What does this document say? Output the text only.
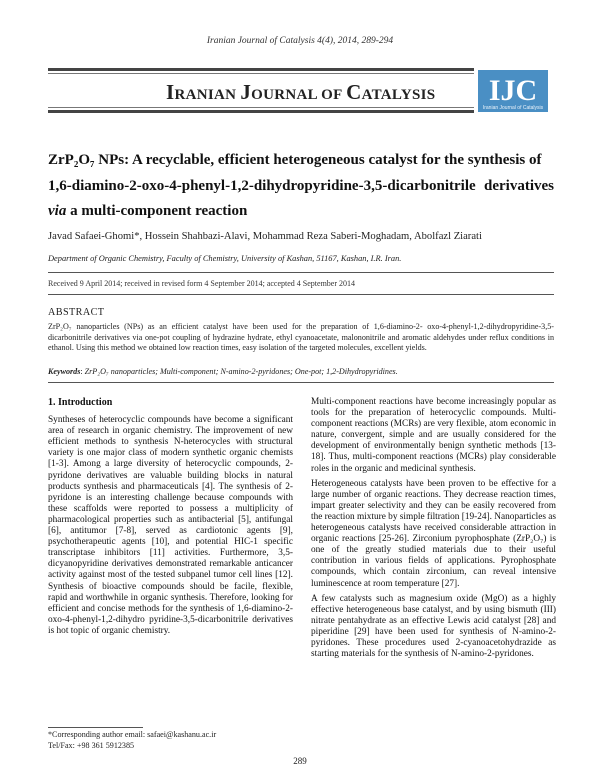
Iranian Journal of Catalysis 4(4), 2014, 289-294
IRANIAN JOURNAL OF CATALYSIS IJC
Iranian Journal of Catalysis
ZrP₂O₇ NPs: A recyclable, efficient heterogeneous catalyst for the synthesis of
1,6-diamino-2-oxo-4-phenyl-1,2-dihydropyridine-3,5-dicarbonitrile derivatives
via a multi-component reaction
Javad Safaei-Ghomi*, Hossein Shahbazi-Alavi, Mohammad Reza Saberi-Moghadam, Abolfazl Ziarati
Department of Organic Chemistry, Faculty of Chemistry, University of Kashan, 51167, Kashan, I.R. Iran.
Received 9 April 2014; received in revised form 4 September 2014; accepted 4 September 2014
ABSTRACT
ZrP₂O₇ nanoparticles (NPs) as an efficient catalyst have been used for the preparation of 1,6-diamino-2- oxo-4-phenyl-1,2-dihydropyridine-3,5-dicarbonitrile derivatives via one-pot coupling of hydrazine hydrate, ethyl cyanoacetate, malononitrile and aromatic aldehydes under reflux conditions in ethanol. Using this method we obtained low reaction times, easy isolation of the targeted molecules, excellent yields.
Keywords: ZrP₂O₇ nanoparticles; Multi-component; N-amino-2-pyridones; One-pot; 1,2-Dihydropyridines.
1. Introduction

Syntheses of heterocyclic compounds have become a significant area of research in organic chemistry. The improvement of new efficient methods to synthesis N-heterocycles with structural variety is one major class of modern synthetic organic chemists [1-3]. Among a large diversity of heterocyclic compounds, 2-pyridone derivatives are valuable building blocks in natural products synthesis and pharmaceuticals [4]. The synthesis of 2-pyridone is an interesting challenge because compounds with these scaffolds were reported to possess a multiplicity of pharmacological properties such as antibacterial [5], antifungal [6], antitumor [7-8], served as cardiotonic agents [9], psychotherapeutic agents [10], and potential HIC-1 specific transcriptase inhibitors [11] activities. Furthermore, 3,5-dicyanopyridine derivatives demonstrated remarkable anticancer activity against most of the tested subpanel tumor cell lines [12]. Synthesis of bioactive compounds should be facile, flexible, rapid and worthwhile in organic synthesis. Therefore, looking for efficient and concise methods for the synthesis of 1,6-diamino-2-oxo-4-phenyl-1,2-dihydro pyridine-3,5-dicarbonitrile derivatives is hot topic of organic chemistry.

Multi-component reactions have become increasingly popular as tools for the preparation of heterocyclic compounds. Multi-component reactions (MCRs) are very flexible, atom economic in nature, convergent, simple and are usually considered for the development of environmentally benign synthetic methods [13-18]. Thus, multi-component reactions (MCRs) play considerable roles in the organic and medicinal synthesis.

Heterogeneous catalysts have been proven to be effective for a large number of organic reactions. They decrease reaction times, impart greater selectivity and they can be easily recovered from the reaction mixture by simple filtration [19-24]. Nanoparticles as heterogeneous catalysts have received considerable attraction in organic reactions [25-26]. Zirconium pyrophosphate (ZrP₂O₇) is one of the greatly studied materials due to their useful contribution in various fields of applications. Pyrophosphate compounds, which contain zirconium, can reveal intensive luminescence at room temperature [27].

A few catalysts such as magnesium oxide (MgO) as a highly effective heterogeneous base catalyst, and by using bismuth (III) nitrate pentahydrate as an effective Lewis acid catalyst [28] and piperidine [29] have been used for synthesis of N-amino-2-pyridones. These procedures used 2-cyanoacetohydrazide as starting materials for the synthesis of N-amino-2-pyridones.

*Corresponding author email: safaei@kashanu.ac.ir
Tel/Fax: +98 361 5912385
289
